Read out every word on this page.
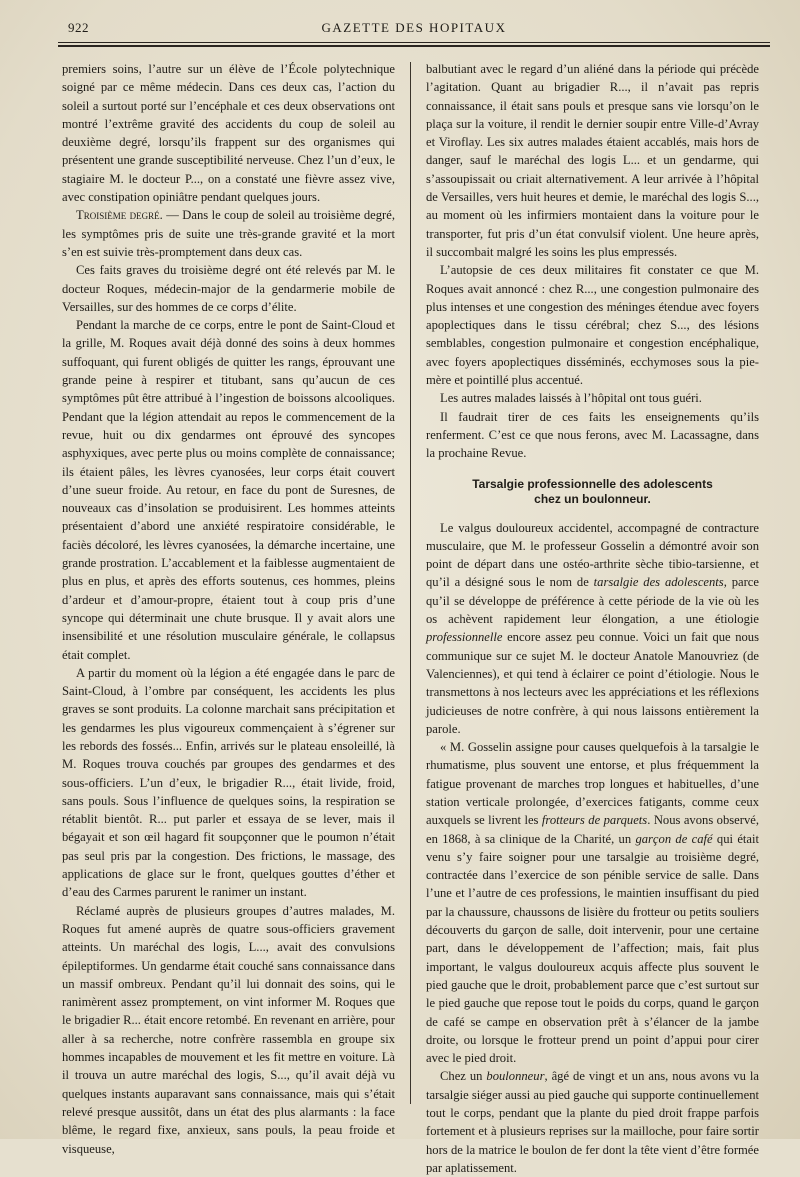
922	GAZETTE DES HOPITAUX

premiers soins, l’autre sur un élève de l’École polytechnique soigné par ce même médecin. Dans ces deux cas, l’action du soleil a surtout porté sur l’encéphale et ces deux observations ont montré l’extrême gravité des accidents du coup de soleil au deuxième degré, lorsqu’ils frappent sur des organismes qui présentent une grande susceptibilité nerveuse. Chez l’un d’eux, le stagiaire M. le docteur P..., on a constaté une fièvre assez vive, avec constipation opiniâtre pendant quelques jours.

Troisième degré. — Dans le coup de soleil au troisième degré, les symptômes pris de suite une très-grande gravité et la mort s’en est suivie très-promptement dans deux cas.

Ces faits graves du troisième degré ont été relevés par M. le docteur Roques, médecin-major de la gendarmerie mobile de Versailles, sur des hommes de ce corps d’élite.

Pendant la marche de ce corps, entre le pont de Saint-Cloud et la grille, M. Roques avait déjà donné des soins à deux hommes suffoquant, qui furent obligés de quitter les rangs, éprouvant une grande peine à respirer et titubant, sans qu’aucun de ces symptômes pût être attribué à l’ingestion de boissons alcooliques. Pendant que la légion attendait au repos le commencement de la revue, huit ou dix gendarmes ont éprouvé des syncopes asphyxiques, avec perte plus ou moins complète de connaissance; ils étaient pâles, les lèvres cyanosées, leur corps était couvert d’une sueur froide. Au retour, en face du pont de Suresnes, de nouveaux cas d’insolation se produisirent. Les hommes atteints présentaient d’abord une anxiété respiratoire considérable, le faciès décoloré, les lèvres cyanosées, la démarche incertaine, une grande prostration. L’accablement et la faiblesse augmentaient de plus en plus, et après des efforts soutenus, ces hommes, pleins d’ardeur et d’amour-propre, étaient tout à coup pris d’une syncope qui déterminait une chute brusque. Il y avait alors une insensibilité et une résolution musculaire générale, le collapsus était complet.

A partir du moment où la légion a été engagée dans le parc de Saint-Cloud, à l’ombre par conséquent, les accidents les plus graves se sont produits. La colonne marchait sans précipitation et les gendarmes les plus vigoureux commençaient à s’égrener sur les rebords des fossés... Enfin, arrivés sur le plateau ensoleillé, là M. Roques trouva couchés par groupes des gendarmes et des sous-officiers. L’un d’eux, le brigadier R..., était livide, froid, sans pouls. Sous l’influence de quelques soins, la respiration se rétablit bientôt. R... put parler et essaya de se lever, mais il bégayait et son œil hagard fit soupçonner que le poumon n’était pas seul pris par la congestion. Des frictions, le massage, des applications de glace sur le front, quelques gouttes d’éther et d’eau des Carmes parurent le ranimer un instant.

Réclamé auprès de plusieurs groupes d’autres malades, M. Roques fut amené auprès de quatre sous-officiers gravement atteints. Un maréchal des logis, L..., avait des convulsions épileptiformes. Un gendarme était couché sans connaissance dans un massif ombreux. Pendant qu’il lui donnait des soins, qui le ranimèrent assez promptement, on vint informer M. Roques que le brigadier R... était encore retombé. En revenant en arrière, pour aller à sa recherche, notre confrère rassembla en groupe six hommes incapables de mouvement et les fit mettre en voiture. Là il trouva un autre maréchal des logis, S..., qu’il avait déjà vu quelques instants auparavant sans connaissance, mais qui s’était relevé presque aussitôt, dans un état des plus alarmants : la face blême, le regard fixe, anxieux, sans pouls, la peau froide et visqueuse,

balbutiant avec le regard d’un aliéné dans la période qui précède l’agitation. Quant au brigadier R..., il n’avait pas repris connaissance, il était sans pouls et presque sans vie lorsqu’on le plaça sur la voiture, il rendit le dernier soupir entre Ville-d’Avray et Viroflay. Les six autres malades étaient accablés, mais hors de danger, sauf le maréchal des logis L... et un gendarme, qui s’assoupissait ou criait alternativement. A leur arrivée à l’hôpital de Versailles, vers huit heures et demie, le maréchal des logis S..., au moment où les infirmiers montaient dans la voiture pour le transporter, fut pris d’un état convulsif violent. Une heure après, il succombait malgré les soins les plus empressés.

L’autopsie de ces deux militaires fit constater ce que M. Roques avait annoncé : chez R..., une congestion pulmonaire des plus intenses et une congestion des méninges étendue avec foyers apoplectiques dans le tissu cérébral; chez S..., des lésions semblables, congestion pulmonaire et congestion encéphalique, avec foyers apoplectiques disséminés, ecchymoses sous la pie-mère et pointillé plus accentué.

Les autres malades laissés à l’hôpital ont tous guéri.

Il faudrait tirer de ces faits les enseignements qu’ils renferment. C’est ce que nous ferons, avec M. Lacassagne, dans la prochaine Revue.

Tarsalgie professionnelle des adolescents
chez un boulonneur.

Le valgus douloureux accidentel, accompagné de contracture musculaire, que M. le professeur Gosselin a démontré avoir son point de départ dans une ostéo-arthrite sèche tibio-tarsienne, et qu’il a désigné sous le nom de tarsalgie des adolescents, parce qu’il se développe de préférence à cette période de la vie où les os achèvent rapidement leur élongation, a une étiologie professionnelle encore assez peu connue. Voici un fait que nous communique sur ce sujet M. le docteur Anatole Manouvriez (de Valenciennes), et qui tend à éclairer ce point d’étiologie. Nous le transmettons à nos lecteurs avec les appréciations et les réflexions judicieuses de notre confrère, à qui nous laissons entièrement la parole.

« M. Gosselin assigne pour causes quelquefois à la tarsalgie le rhumatisme, plus souvent une entorse, et plus fréquemment la fatigue provenant de marches trop longues et habituelles, d’une station verticale prolongée, d’exercices fatigants, comme ceux auxquels se livrent les frotteurs de parquets. Nous avons observé, en 1868, à sa clinique de la Charité, un garçon de café qui était venu s’y faire soigner pour une tarsalgie au troisième degré, contractée dans l’exercice de son pénible service de salle. Dans l’une et l’autre de ces professions, le maintien insuffisant du pied par la chaussure, chaussons de lisière du frotteur ou petits souliers découverts du garçon de salle, doit intervenir, pour une certaine part, dans le développement de l’affection; mais, fait plus important, le valgus douloureux acquis affecte plus souvent le pied gauche que le droit, probablement parce que c’est surtout sur le pied gauche que repose tout le poids du corps, quand le garçon de café se campe en observation prêt à s’élancer de la jambe droite, ou lorsque le frotteur prend un point d’appui pour cirer avec le pied droit.

Chez un boulonneur, âgé de vingt et un ans, nous avons vu la tarsalgie siéger aussi au pied gauche qui supporte continuellement tout le corps, pendant que la plante du pied droit frappe parfois fortement et à plusieurs reprises sur la mailloche, pour faire sortir hors de la matrice le boulon de fer dont la tête vient d’être formée par aplatissement.
